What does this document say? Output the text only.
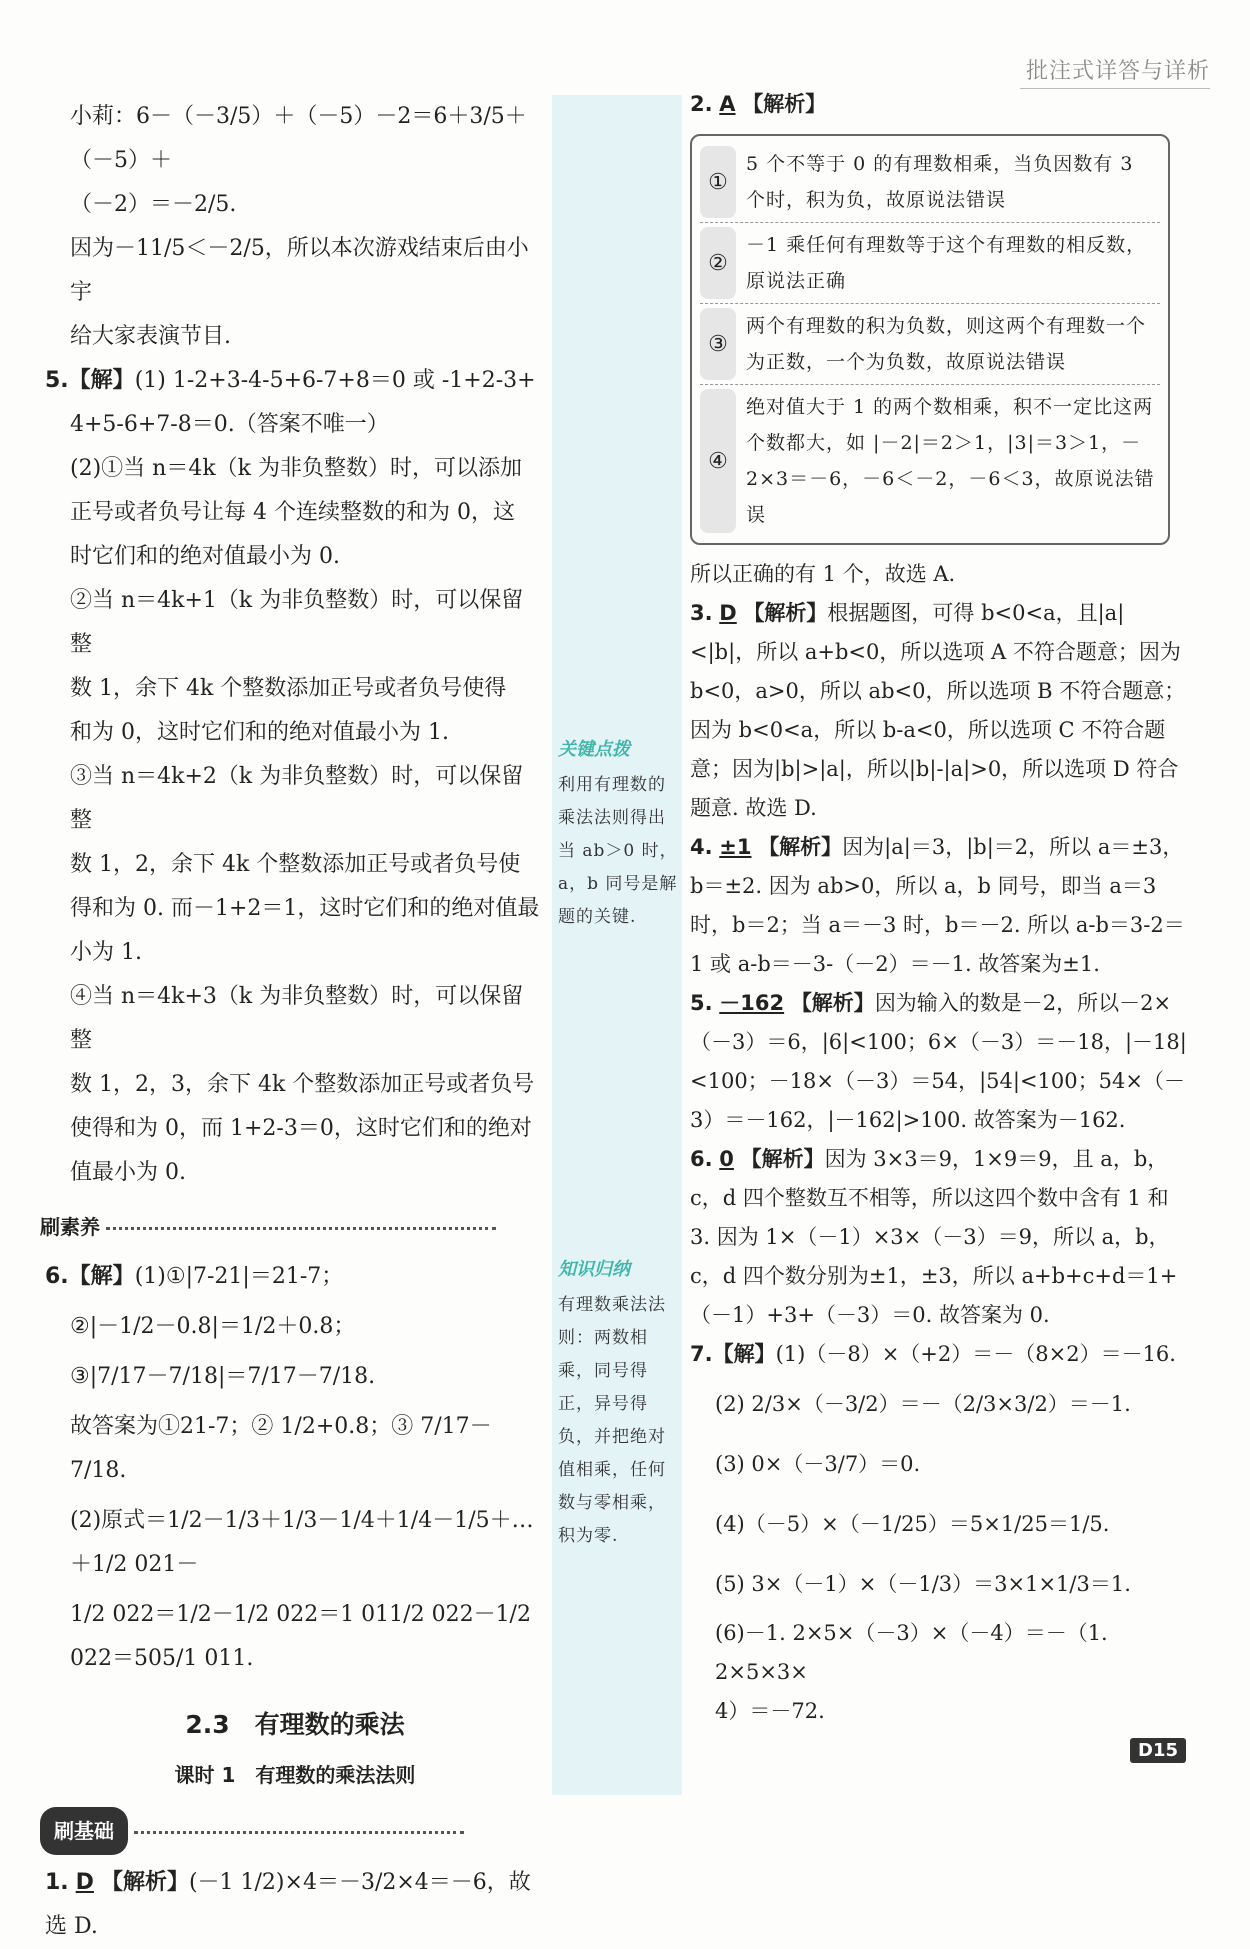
批注式详答与详析
关键点拨
利用有理数的乘法法则得出当 ab＞0 时，a，b 同号是解题的关键.
知识归纳
有理数乘法法则：两数相乘，同号得正，异号得负，并把绝对值相乘，任何数与零相乘，积为零.

小莉：6－（－3/5）＋（－5）－2＝6＋3/5＋（－5）＋

（－2）＝－2/5.

因为－11/5＜－2/5，所以本次游戏结束后由小宇

给大家表演节目.

5.【解】(1) 1-2+3-4-5+6-7+8＝0 或 -1+2-3+

4+5-6+7-8＝0.（答案不唯一）

(2)①当 n＝4k（k 为非负整数）时，可以添加

正号或者负号让每 4 个连续整数的和为 0，这

时它们和的绝对值最小为 0.

②当 n＝4k+1（k 为非负整数）时，可以保留整

数 1，余下 4k 个整数添加正号或者负号使得

和为 0，这时它们和的绝对值最小为 1.

③当 n＝4k+2（k 为非负整数）时，可以保留整

数 1，2，余下 4k 个整数添加正号或者负号使

得和为 0. 而－1+2＝1，这时它们和的绝对值最

小为 1.

④当 n＝4k+3（k 为非负整数）时，可以保留整

数 1，2，3，余下 4k 个整数添加正号或者负号

使得和为 0，而 1+2-3＝0，这时它们和的绝对

值最小为 0.

刷素养

6.【解】(1)①|7-21|＝21-7；

②|－1/2－0.8|＝1/2＋0.8；

③|7/17－7/18|＝7/17－7/18.

故答案为①21-7；② 1/2+0.8；③ 7/17－7/18.

(2)原式＝1/2－1/3＋1/3－1/4＋1/4－1/5＋…＋1/2 021－

1/2 022＝1/2－1/2 022＝1 011/2 022－1/2 022＝505/1 011.

2.3　有理数的乘法
课时 1　有理数的乘法法则
刷基础

1. D 【解析】(－1 1/2)×4＝－3/2×4＝－6，故选 D.

2. A 【解析】

①
5 个不等于 0 的有理数相乘，当负因数有 3 个时，积为负，故原说法错误
②
－1 乘任何有理数等于这个有理数的相反数，原说法正确
③
两个有理数的积为负数，则这两个有理数一个为正数，一个为负数，故原说法错误
④
绝对值大于 1 的两个数相乘，积不一定比这两个数都大，如 |－2|＝2＞1，|3|＝3＞1，－2×3＝－6，－6＜－2，－6＜3，故原说法错误

所以正确的有 1 个，故选 A.

3. D 【解析】根据题图，可得 b<0<a，且|a|<|b|，所以 a+b<0，所以选项 A 不符合题意；因为 b<0，a>0，所以 ab<0，所以选项 B 不符合题意；因为 b<0<a，所以 b-a<0，所以选项 C 不符合题意；因为|b|>|a|，所以|b|-|a|>0，所以选项 D 符合题意. 故选 D.

4. ±1 【解析】因为|a|＝3，|b|＝2，所以 a＝±3，b＝±2. 因为 ab>0，所以 a，b 同号，即当 a＝3 时，b＝2；当 a＝－3 时，b＝－2. 所以 a-b＝3-2＝1 或 a-b＝－3-（－2）＝－1. 故答案为±1.

5. －162 【解析】因为输入的数是－2，所以－2×（－3）＝6，|6|<100；6×（－3）＝－18，|－18|<100；－18×（－3）＝54，|54|<100；54×（－3）＝－162，|－162|>100. 故答案为－162.

6. 0 【解析】因为 3×3＝9，1×9＝9，且 a，b，c，d 四个整数互不相等，所以这四个数中含有 1 和 3. 因为 1×（－1）×3×（－3）＝9，所以 a，b，c，d 四个数分别为±1，±3，所以 a+b+c+d＝1+（－1）+3+（－3）＝0. 故答案为 0.

7.【解】(1)（－8）×（+2）＝－（8×2）＝－16.

(2) 2/3×（－3/2）＝－（2/3×3/2）＝－1.

(3) 0×（－3/7）＝0.

(4)（－5）×（－1/25）＝5×1/25＝1/5.

(5) 3×（－1）×（－1/3）＝3×1×1/3＝1.

(6)－1. 2×5×（－3）×（－4）＝－（1. 2×5×3×

4）＝－72.

D15
